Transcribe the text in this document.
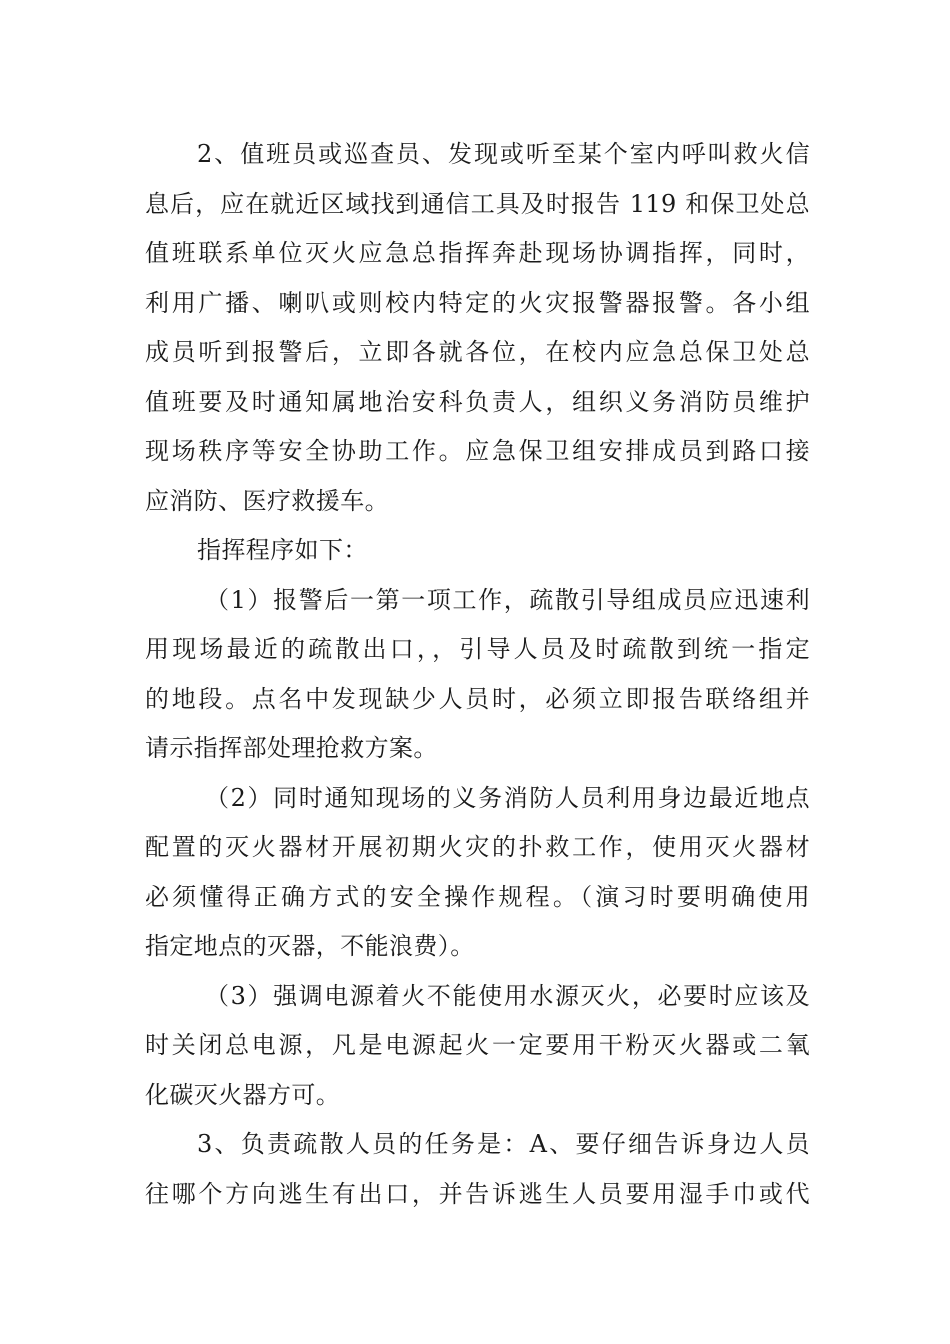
2、值班员或巡查员、发现或听至某个室内呼叫救火信
息后，应在就近区域找到通信工具及时报告 119 和保卫处总
值班联系单位灭火应急总指挥奔赴现场协调指挥，同时，
利用广播、喇叭或则校内特定的火灾报警器报警。各小组
成员听到报警后，立即各就各位，在校内应急总保卫处总
值班要及时通知属地治安科负责人，组织义务消防员维护
现场秩序等安全协助工作。应急保卫组安排成员到路口接
应消防、医疗救援车。
指挥程序如下：
（1）报警后一第一项工作，疏散引导组成员应迅速利
用现场最近的疏散出口，，引导人员及时疏散到统一指定
的地段。点名中发现缺少人员时，必须立即报告联络组并
请示指挥部处理抢救方案。
（2）同时通知现场的义务消防人员利用身边最近地点
配置的灭火器材开展初期火灾的扑救工作，使用灭火器材
必须懂得正确方式的安全操作规程。（演习时要明确使用
指定地点的灭器，不能浪费）。
（3）强调电源着火不能使用水源灭火，必要时应该及
时关闭总电源，凡是电源起火一定要用干粉灭火器或二氧
化碳灭火器方可。
3、负责疏散人员的任务是：A、要仔细告诉身边人员
往哪个方向逃生有出口，并告诉逃生人员要用湿手巾或代
